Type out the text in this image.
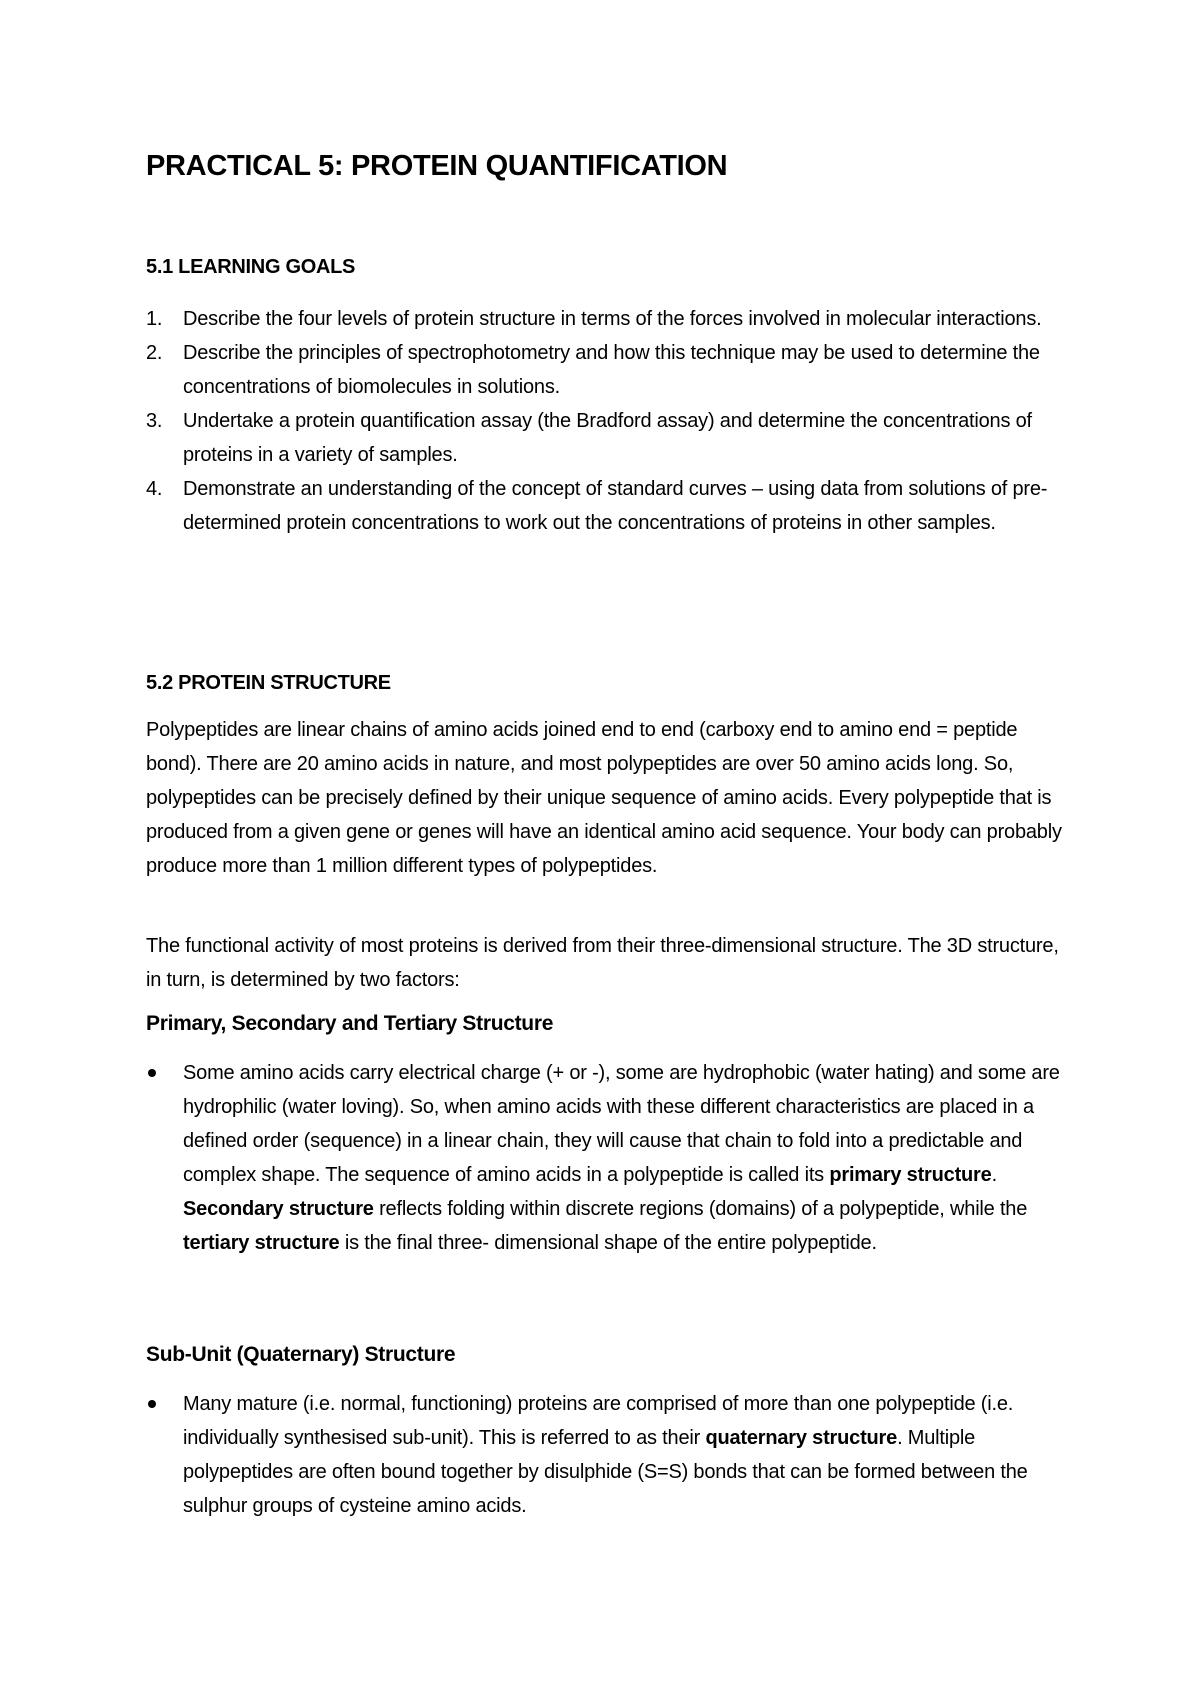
PRACTICAL 5: PROTEIN QUANTIFICATION
5.1 LEARNING GOALS
1. Describe the four levels of protein structure in terms of the forces involved in molecular interactions.
2. Describe the principles of spectrophotometry and how this technique may be used to determine the concentrations of biomolecules in solutions.
3. Undertake a protein quantification assay (the Bradford assay) and determine the concentrations of proteins in a variety of samples.
4. Demonstrate an understanding of the concept of standard curves – using data from solutions of pre-determined protein concentrations to work out the concentrations of proteins in other samples.
5.2 PROTEIN STRUCTURE

Polypeptides are linear chains of amino acids joined end to end (carboxy end to amino end = peptide bond). There are 20 amino acids in nature, and most polypeptides are over 50 amino acids long. So, polypeptides can be precisely defined by their unique sequence of amino acids. Every polypeptide that is produced from a given gene or genes will have an identical amino acid sequence. Your body can probably produce more than 1 million different types of polypeptides.

The functional activity of most proteins is derived from their three-dimensional structure. The 3D structure, in turn, is determined by two factors:

Primary, Secondary and Tertiary Structure
Some amino acids carry electrical charge (+ or -), some are hydrophobic (water hating) and some are hydrophilic (water loving). So, when amino acids with these different characteristics are placed in a defined order (sequence) in a linear chain, they will cause that chain to fold into a predictable and complex shape. The sequence of amino acids in a polypeptide is called its primary structure. Secondary structure reflects folding within discrete regions (domains) of a polypeptide, while the tertiary structure is the final three- dimensional shape of the entire polypeptide.
Sub-Unit (Quaternary) Structure
Many mature (i.e. normal, functioning) proteins are comprised of more than one polypeptide (i.e. individually synthesised sub-unit). This is referred to as their quaternary structure. Multiple polypeptides are often bound together by disulphide (S=S) bonds that can be formed between the sulphur groups of cysteine amino acids.
